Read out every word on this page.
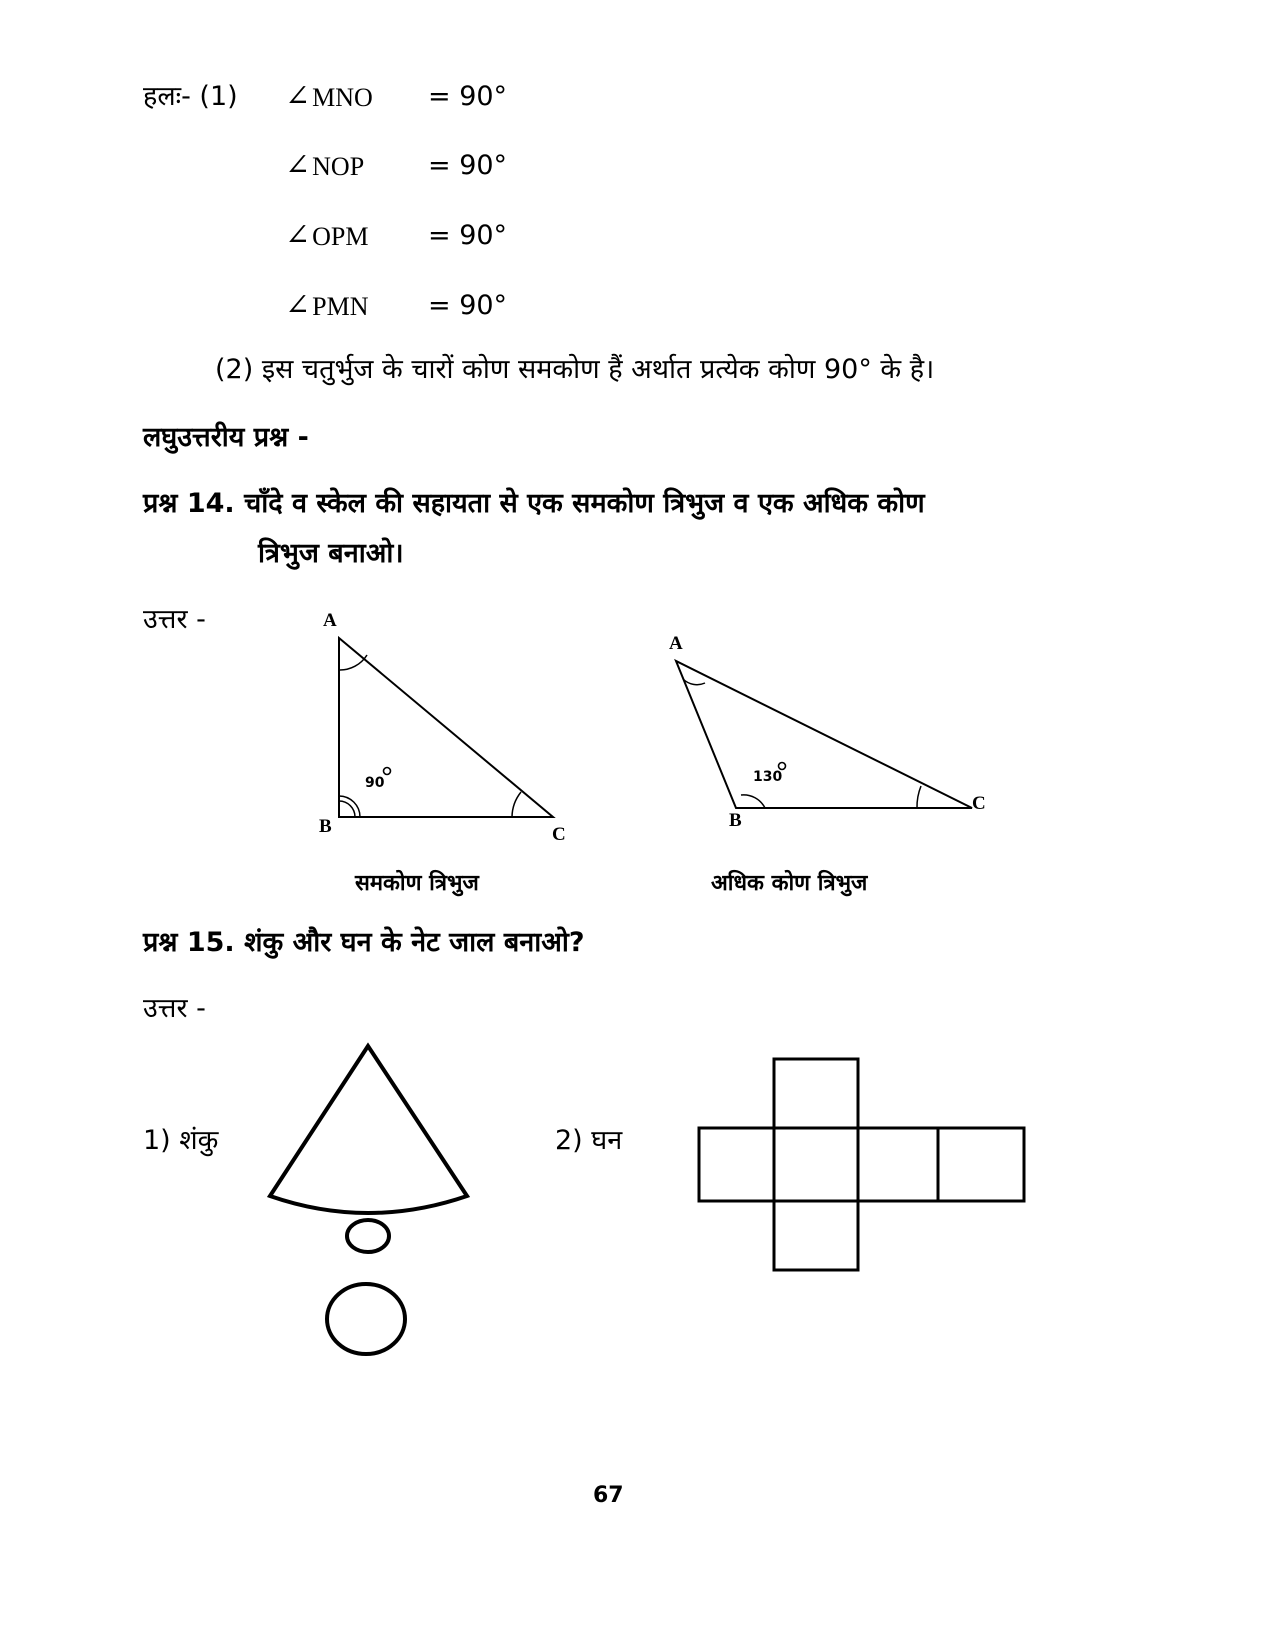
हलः- (1) ∠MNO = 90°
∠NOP = 90°
∠OPM = 90°
∠PMN = 90°
(2) इस चतुर्भुज के चारों कोण समकोण हैं अर्थात प्रत्येक कोण 90° के है।
लघुउत्तरीय प्रश्न -
प्रश्न 14. चाँदे व स्केल की सहायता से एक समकोण त्रिभुज व एक अधिक कोण
त्रिभुज बनाओ।
उत्तर -	A
B	C
90
A
B
C
130
समकोण त्रिभुज	अधिक कोण त्रिभुज
प्रश्न 15. शंकु और घन के नेट जाल बनाओ?
उत्तर -
1) शंकु	2) घन
67
